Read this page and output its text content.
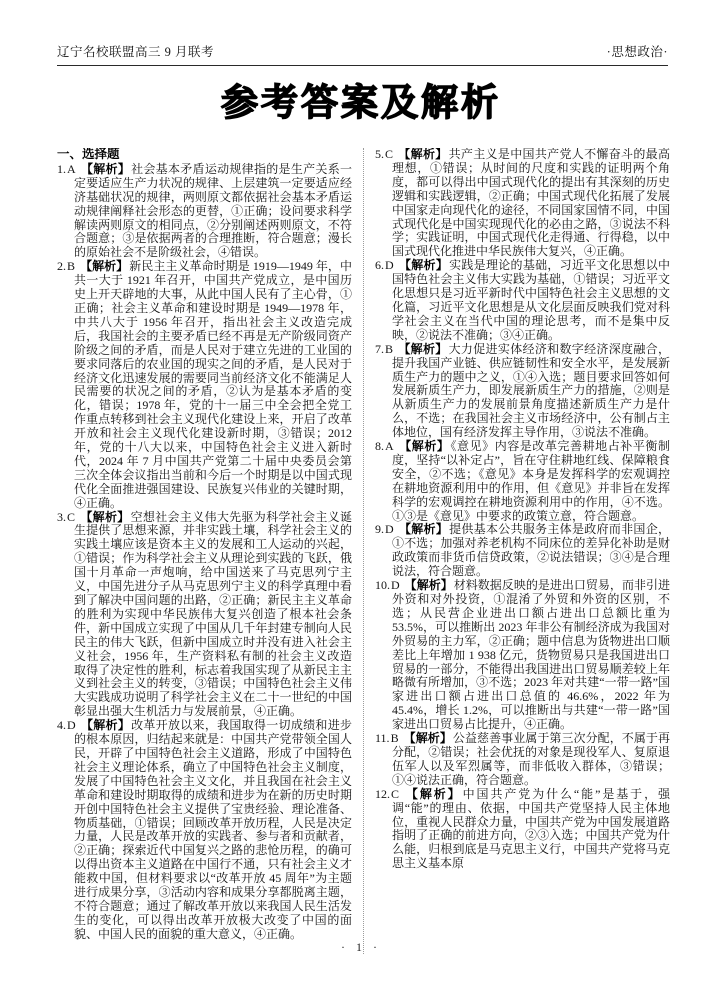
辽宁名校联盟高三 9 月联考	·思想政治·
参考答案及解析
一、选择题
1.A 【解析】社会基本矛盾运动规律指的是生产关系一定要适应生产力状况的规律、上层建筑一定要适应经济基础状况的规律，两则原文都依据社会基本矛盾运动规律阐释社会形态的更替，①正确；设问要求科学解读两则原文的相同点，②分别阐述两则原文，不符合题意；③是依据两者的合理推断，符合题意；漫长的原始社会不是阶级社会，④错误。
2.B 【解析】新民主主义革命时期是 1919—1949 年，中共一大于 1921 年召开，中国共产党成立，是中国历史上开天辟地的大事，从此中国人民有了主心骨，①正确；社会主义革命和建设时期是 1949—1978 年，中共八大于 1956 年召开，指出社会主义改造完成后，我国社会的主要矛盾已经不再是无产阶级同资产阶级之间的矛盾，而是人民对于建立先进的工业国的要求同落后的农业国的现实之间的矛盾，是人民对于经济文化迅速发展的需要同当前经济文化不能满足人民需要的状况之间的矛盾，②认为是基本矛盾的变化，错误；1978 年，党的十一届三中全会把全党工作重点转移到社会主义现代化建设上来，开启了改革开放和社会主义现代化建设新时期，③错误；2012 年，党的十八大以来，中国特色社会主义进入新时代，2024 年 7 月中国共产党第二十届中央委员会第三次全体会议指出当前和今后一个时期是以中国式现代化全面推进强国建设、民族复兴伟业的关键时期，④正确。
3.C 【解析】空想社会主义伟大先驱为科学社会主义诞生提供了思想来源，并非实践土壤，科学社会主义的实践土壤应该是资本主义的发展和工人运动的兴起，①错误；作为科学社会主义从理论到实践的飞跃，俄国十月革命一声炮响，给中国送来了马克思列宁主义，中国先进分子从马克思列宁主义的科学真理中看到了解决中国问题的出路，②正确；新民主主义革命的胜利为实现中华民族伟大复兴创造了根本社会条件，新中国成立实现了中国从几千年封建专制向人民民主的伟大飞跃，但新中国成立时并没有进入社会主义社会，1956 年，生产资料私有制的社会主义改造取得了决定性的胜利，标志着我国实现了从新民主主义到社会主义的转变，③错误；中国特色社会主义伟大实践成功说明了科学社会主义在二十一世纪的中国彰显出强大生机活力与发展前景，④正确。
4.D 【解析】改革开放以来，我国取得一切成绩和进步的根本原因，归结起来就是：中国共产党带领全国人民，开辟了中国特色社会主义道路，形成了中国特色社会主义理论体系，确立了中国特色社会主义制度，发展了中国特色社会主义文化，并且我国在社会主义革命和建设时期取得的成绩和进步为在新的历史时期开创中国特色社会主义提供了宝贵经验、理论准备、物质基础，①错误；回顾改革开放历程，人民是决定力量，人民是改革开放的实践者、参与者和贡献者，②正确；探索近代中国复兴之路的悲怆历程，的确可以得出资本主义道路在中国行不通，只有社会主义才能救中国，但材料要求以“改革开放 45 周年”为主题进行成果分享，③活动内容和成果分享都脱离主题，不符合题意；通过了解改革开放以来我国人民生活发生的变化，可以得出改革开放极大改变了中国的面貌、中国人民的面貌的重大意义，④正确。
5.C 【解析】共产主义是中国共产党人不懈奋斗的最高理想，①错误；从时间的尺度和实践的证明两个角度，都可以得出中国式现代化的提出有其深刻的历史逻辑和实践逻辑，②正确；中国式现代化拓展了发展中国家走向现代化的途径，不同国家国情不同，中国式现代化是中国实现现代化的必由之路，③说法不科学；实践证明，中国式现代化走得通、行得稳，以中国式现代化推进中华民族伟大复兴，④正确。
6.D 【解析】实践是理论的基础，习近平文化思想以中国特色社会主义伟大实践为基础，①错误；习近平文化思想只是习近平新时代中国特色社会主义思想的文化篇，习近平文化思想是从文化层面反映我们党对科学社会主义在当代中国的理论思考，而不是集中反映，②说法不准确；③④正确。
7.B 【解析】大力促进实体经济和数字经济深度融合，提升我国产业链、供应链韧性和安全水平，是发展新质生产力的题中之义，①④入选；题目要求回答如何发展新质生产力，即发展新质生产力的措施，②则是从新质生产力的发展前景角度描述新质生产力是什么，不选；在我国社会主义市场经济中，公有制占主体地位，国有经济发挥主导作用，③说法不准确。
8.A 【解析】《意见》内容是改革完善耕地占补平衡制度，坚持“以补定占”，旨在守住耕地红线、保障粮食安全，②不选；《意见》本身是发挥科学的宏观调控在耕地资源利用中的作用，但《意见》并非旨在发挥科学的宏观调控在耕地资源利用中的作用，④不选。①③是《意见》中要求的政策立意，符合题意。
9.D 【解析】提供基本公共服务主体是政府而非国企，①不选；加强对养老机构不同床位的差异化补助是财政政策而非货币信贷政策，②说法错误；③④是合理说法，符合题意。
10.D 【解析】材料数据反映的是进出口贸易，而非引进外资和对外投资，①混淆了外贸和外资的区别，不选；从民营企业进出口额占进出口总额比重为 53.5%，可以推断出 2023 年非公有制经济成为我国对外贸易的主力军，②正确；题中信息为货物进出口顺差比上年增加 1 938 亿元，货物贸易只是我国进出口贸易的一部分，不能得出我国进出口贸易顺差较上年略微有所增加，③不选；2023 年对共建“一带一路”国家进出口额占进出口总值的 46.6%，2022 年为 45.4%，增长 1.2%，可以推断出与共建“一带一路”国家进出口贸易占比提升，④正确。
11.B 【解析】公益慈善事业属于第三次分配，不属于再分配，②错误；社会优抚的对象是现役军人、复原退伍军人以及军烈属等，而非低收入群体，③错误；①④说法正确，符合题意。
12.C 【解析】中国共产党为什么“能”是基于，强调“能”的理由、依据，中国共产党坚持人民主体地位，重视人民群众力量，中国共产党为中国发展道路指明了正确的前进方向，②③入选；中国共产党为什么能，归根到底是马克思主义行，中国共产党将马克思主义基本原
· 1 ·
